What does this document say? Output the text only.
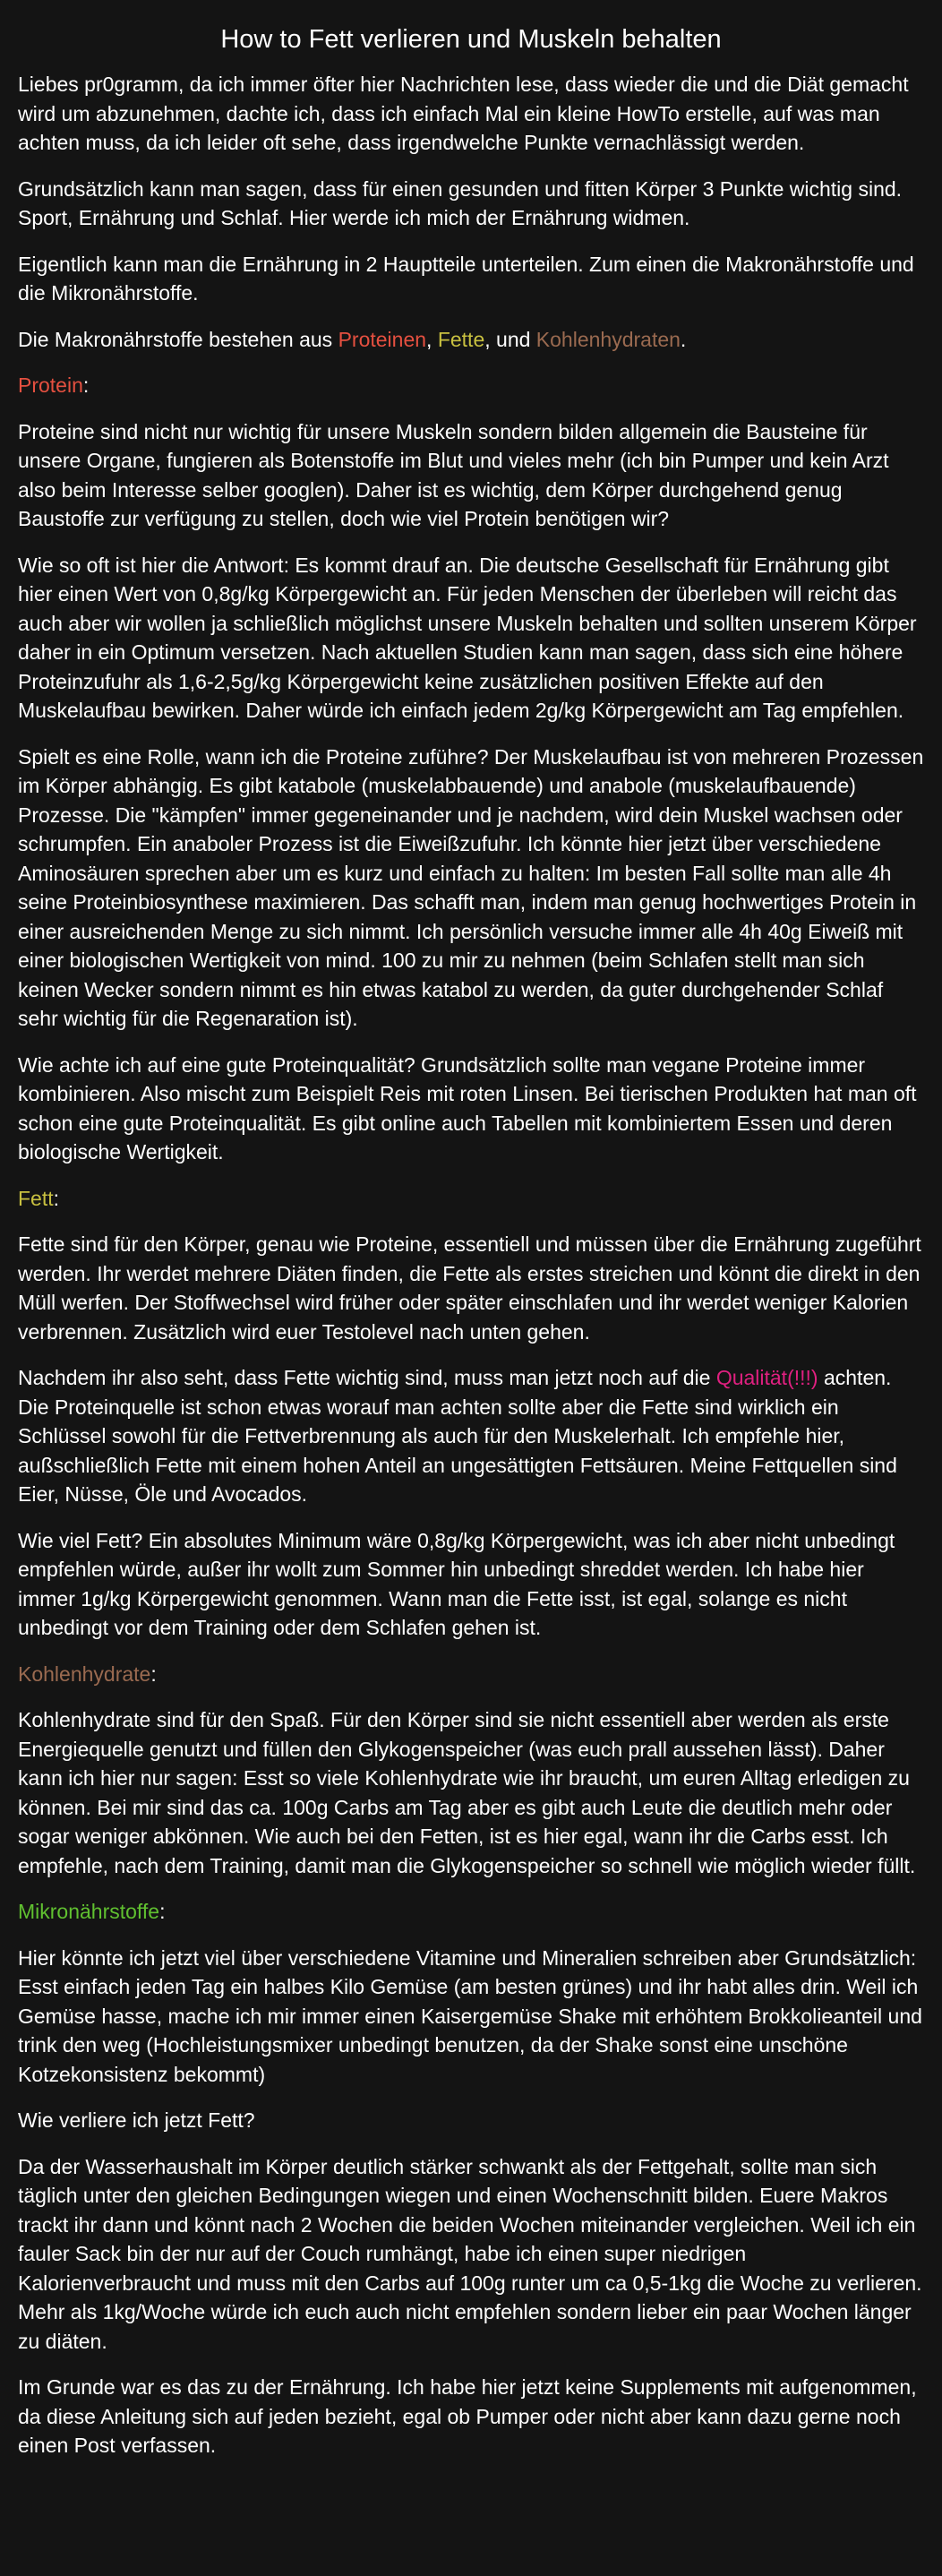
How to Fett verlieren und Muskeln behalten

Liebes pr0gramm, da ich immer öfter hier Nachrichten lese, dass wieder die und die Diät gemacht wird um abzunehmen, dachte ich, dass ich einfach Mal ein kleine HowTo erstelle, auf was man achten muss, da ich leider oft sehe, dass irgendwelche Punkte vernachlässigt werden.

Grundsätzlich kann man sagen, dass für einen gesunden und fitten Körper 3 Punkte wichtig sind. Sport, Ernährung und Schlaf. Hier werde ich mich der Ernährung widmen.

Eigentlich kann man die Ernährung in 2 Hauptteile unterteilen. Zum einen die Makronährstoffe und die Mikronährstoffe.

Die Makronährstoffe bestehen aus Proteinen, Fette, und Kohlenhydraten.

Protein:

Proteine sind nicht nur wichtig für unsere Muskeln sondern bilden allgemein die Bausteine für unsere Organe, fungieren als Botenstoffe im Blut und vieles mehr (ich bin Pumper und kein Arzt also beim Interesse selber googlen). Daher ist es wichtig, dem Körper durchgehend genug Baustoffe zur verfügung zu stellen, doch wie viel Protein benötigen wir?

Wie so oft ist hier die Antwort: Es kommt drauf an. Die deutsche Gesellschaft für Ernährung gibt hier einen Wert von 0,8g/kg Körpergewicht an. Für jeden Menschen der überleben will reicht das auch aber wir wollen ja schließlich möglichst unsere Muskeln behalten und sollten unserem Körper daher in ein Optimum versetzen. Nach aktuellen Studien kann man sagen, dass sich eine höhere Proteinzufuhr als 1,6-2,5g/kg Körpergewicht keine zusätzlichen positiven Effekte auf den Muskelaufbau bewirken. Daher würde ich einfach jedem 2g/kg Körpergewicht am Tag empfehlen.

Spielt es eine Rolle, wann ich die Proteine zuführe? Der Muskelaufbau ist von mehreren Prozessen im Körper abhängig. Es gibt katabole (muskelabbauende) und anabole (muskelaufbauende) Prozesse. Die "kämpfen" immer gegeneinander und je nachdem, wird dein Muskel wachsen oder schrumpfen. Ein anaboler Prozess ist die Eiweißzufuhr. Ich könnte hier jetzt über verschiedene Aminosäuren sprechen aber um es kurz und einfach zu halten: Im besten Fall sollte man alle 4h seine Proteinbiosynthese maximieren. Das schafft man, indem man genug hochwertiges Protein in einer ausreichenden Menge zu sich nimmt. Ich persönlich versuche immer alle 4h 40g Eiweiß mit einer biologischen Wertigkeit von mind. 100 zu mir zu nehmen (beim Schlafen stellt man sich keinen Wecker sondern nimmt es hin etwas katabol zu werden, da guter durchgehender Schlaf sehr wichtig für die Regenaration ist).

Wie achte ich auf eine gute Proteinqualität? Grundsätzlich sollte man vegane Proteine immer kombinieren. Also mischt zum Beispielt Reis mit roten Linsen. Bei tierischen Produkten hat man oft schon eine gute Proteinqualität. Es gibt online auch Tabellen mit kombiniertem Essen und deren biologische Wertigkeit.

Fett:

Fette sind für den Körper, genau wie Proteine, essentiell und müssen über die Ernährung zugeführt werden. Ihr werdet mehrere Diäten finden, die Fette als erstes streichen und könnt die direkt in den Müll werfen. Der Stoffwechsel wird früher oder später einschlafen und ihr werdet weniger Kalorien verbrennen. Zusätzlich wird euer Testolevel nach unten gehen.

Nachdem ihr also seht, dass Fette wichtig sind, muss man jetzt noch auf die Qualität(!!!) achten. Die Proteinquelle ist schon etwas worauf man achten sollte aber die Fette sind wirklich ein Schlüssel sowohl für die Fettverbrennung als auch für den Muskelerhalt. Ich empfehle hier, außschließlich Fette mit einem hohen Anteil an ungesättigten Fettsäuren. Meine Fettquellen sind Eier, Nüsse, Öle und Avocados.

Wie viel Fett? Ein absolutes Minimum wäre 0,8g/kg Körpergewicht, was ich aber nicht unbedingt empfehlen würde, außer ihr wollt zum Sommer hin unbedingt shreddet werden. Ich habe hier immer 1g/kg Körpergewicht genommen. Wann man die Fette isst, ist egal, solange es nicht unbedingt vor dem Training oder dem Schlafen gehen ist.

Kohlenhydrate:

Kohlenhydrate sind für den Spaß. Für den Körper sind sie nicht essentiell aber werden als erste Energiequelle genutzt und füllen den Glykogenspeicher (was euch prall aussehen lässt). Daher kann ich hier nur sagen: Esst so viele Kohlenhydrate wie ihr braucht, um euren Alltag erledigen zu können. Bei mir sind das ca. 100g Carbs am Tag aber es gibt auch Leute die deutlich mehr oder sogar weniger abkönnen. Wie auch bei den Fetten, ist es hier egal, wann ihr die Carbs esst. Ich empfehle, nach dem Training, damit man die Glykogenspeicher so schnell wie möglich wieder füllt.

Mikronährstoffe:

Hier könnte ich jetzt viel über verschiedene Vitamine und Mineralien schreiben aber Grundsätzlich: Esst einfach jeden Tag ein halbes Kilo Gemüse (am besten grünes) und ihr habt alles drin. Weil ich Gemüse hasse, mache ich mir immer einen Kaisergemüse Shake mit erhöhtem Brokkolieanteil und trink den weg (Hochleistungsmixer unbedingt benutzen, da der Shake sonst eine unschöne Kotzekonsistenz bekommt)

Wie verliere ich jetzt Fett?

Da der Wasserhaushalt im Körper deutlich stärker schwankt als der Fettgehalt, sollte man sich täglich unter den gleichen Bedingungen wiegen und einen Wochenschnitt bilden. Euere Makros trackt ihr dann und könnt nach 2 Wochen die beiden Wochen miteinander vergleichen. Weil ich ein fauler Sack bin der nur auf der Couch rumhängt, habe ich einen super niedrigen Kalorienverbraucht und muss mit den Carbs auf 100g runter um ca 0,5-1kg die Woche zu verlieren. Mehr als 1kg/Woche würde ich euch auch nicht empfehlen sondern lieber ein paar Wochen länger zu diäten.

Im Grunde war es das zu der Ernährung. Ich habe hier jetzt keine Supplements mit aufgenommen, da diese Anleitung sich auf jeden bezieht, egal ob Pumper oder nicht aber kann dazu gerne noch einen Post verfassen.
